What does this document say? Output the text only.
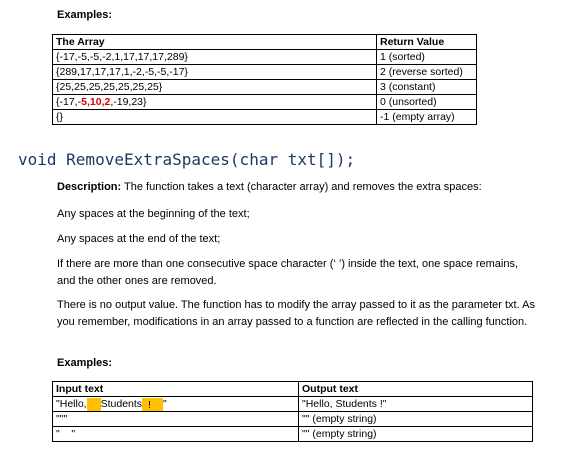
Examples:
The Array	Return Value
{-17,-5,-5,-2,1,17,17,17,289}	1 (sorted)
{289,17,17,17,1,-2,-5,-5,-17}	2 (reverse sorted)
{25,25,25,25,25,25,25}	3 (constant)
{-17,-5,10,2,-19,23}	0 (unsorted)
{}	-1 (empty array)
void RemoveExtraSpaces(char txt[]);
Description: The function takes a text (character array) and removes the extra spaces:
Any spaces at the beginning of the text;
Any spaces at the end of the text;
If there are more than one consecutive space character (‘ ’) inside the text, one space remains, and the other ones are removed.
There is no output value. The function has to modify the array passed to it as the parameter txt. As you remember, modifications in an array passed to a function are reflected in the calling function.
Examples:
Input text	Output text
"Hello, Students ! "	"Hello, Students !"
"""	"" (empty string)
"    "	"" (empty string)
